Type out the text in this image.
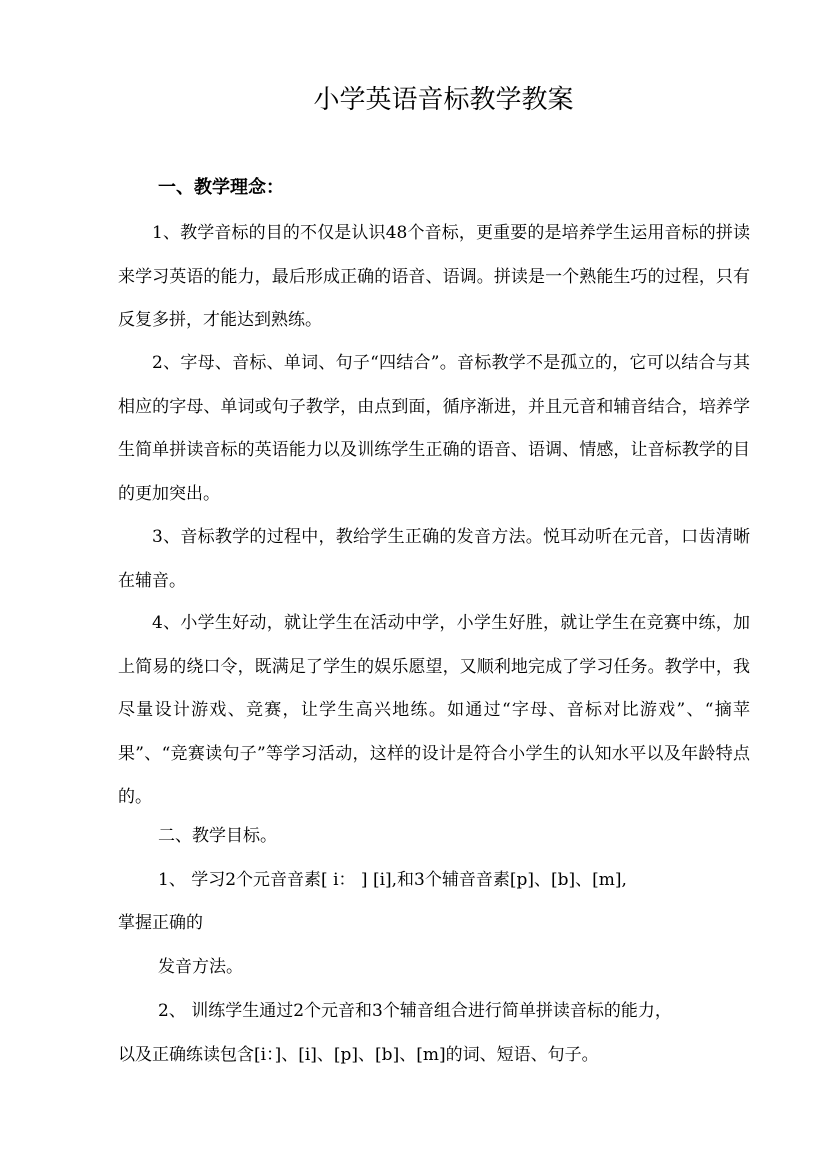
小学英语音标教学教案
一、教学理念：
1、教学音标的目的不仅是认识48个音标，更重要的是培养学生运用音标的拼读来学习英语的能力，最后形成正确的语音、语调。拼读是一个熟能生巧的过程，只有反复多拼，才能达到熟练。
2、字母、音标、单词、句子“四结合”。音标教学不是孤立的，它可以结合与其相应的字母、单词或句子教学，由点到面，循序渐进，并且元音和辅音结合，培养学生简单拼读音标的英语能力以及训练学生正确的语音、语调、情感，让音标教学的目的更加突出。
3、音标教学的过程中，教给学生正确的发音方法。悦耳动听在元音，口齿清晰在辅音。
4、小学生好动，就让学生在活动中学，小学生好胜，就让学生在竞赛中练，加上简易的绕口令，既满足了学生的娱乐愿望，又顺利地完成了学习任务。教学中，我尽量设计游戏、竞赛，让学生高兴地练。如通过“字母、音标对比游戏”、“摘苹果”、“竞赛读句子”等学习活动，这样的设计是符合小学生的认知水平以及年龄特点的。
二、教学目标。
1、 学习2个元音音素[ i： ] [i],和3个辅音音素[p]、[b]、[m],
掌握正确的
发音方法。
2、 训练学生通过2个元音和3个辅音组合进行简单拼读音标的能力，
以及正确练读包含[i：]、[i]、[p]、[b]、[m]的词、短语、句子。
